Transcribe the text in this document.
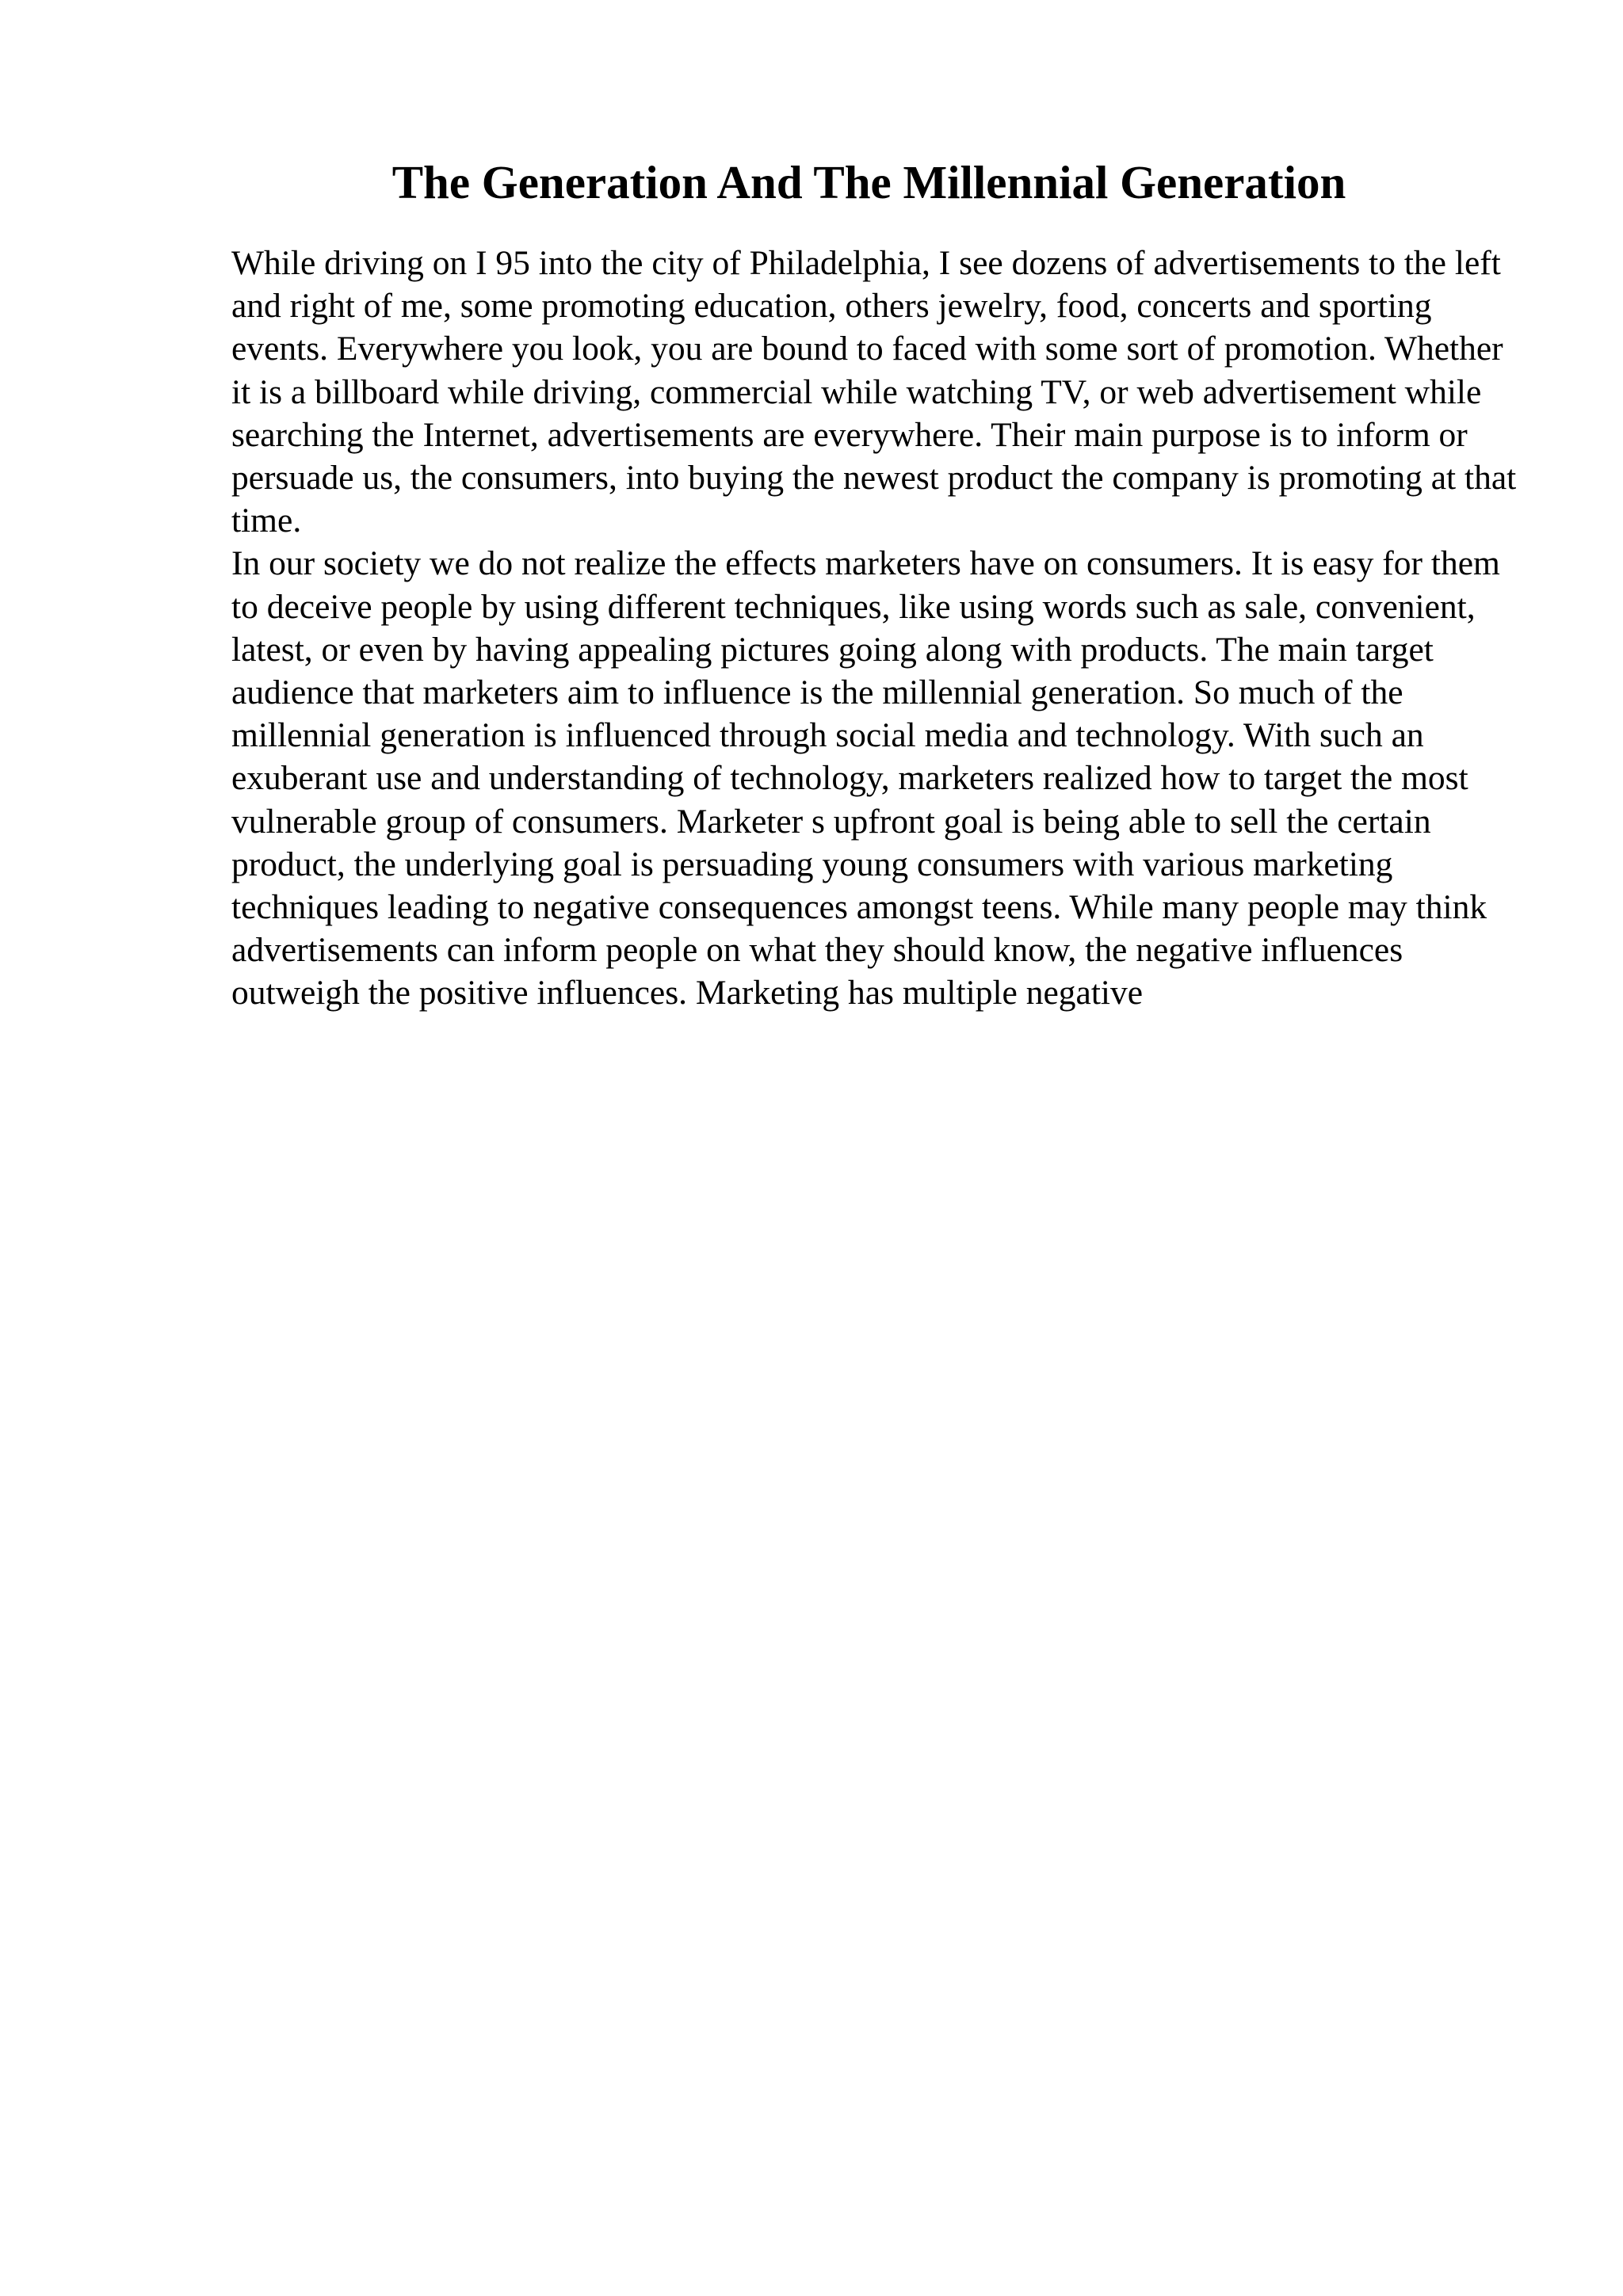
The Generation And The Millennial Generation

While driving on I 95 into the city of Philadelphia, I see dozens of advertisements to the left and right of me, some promoting education, others jewelry, food, concerts and sporting events. Everywhere you look, you are bound to faced with some sort of promotion. Whether it is a billboard while driving, commercial while watching TV, or web advertisement while searching the Internet, advertisements are everywhere. Their main purpose is to inform or persuade us, the consumers, into buying the newest product the company is promoting at that time.

In our society we do not realize the effects marketers have on consumers. It is easy for them to deceive people by using different techniques, like using words such as sale, convenient, latest, or even by having appealing pictures going along with products. The main target audience that marketers aim to influence is the millennial generation. So much of the millennial generation is influenced through social media and technology. With such an exuberant use and understanding of technology, marketers realized how to target the most vulnerable group of consumers. Marketer s upfront goal is being able to sell the certain product, the underlying goal is persuading young consumers with various marketing techniques leading to negative consequences amongst teens. While many people may think advertisements can inform people on what they should know, the negative influences outweigh the positive influences. Marketing has multiple negative
